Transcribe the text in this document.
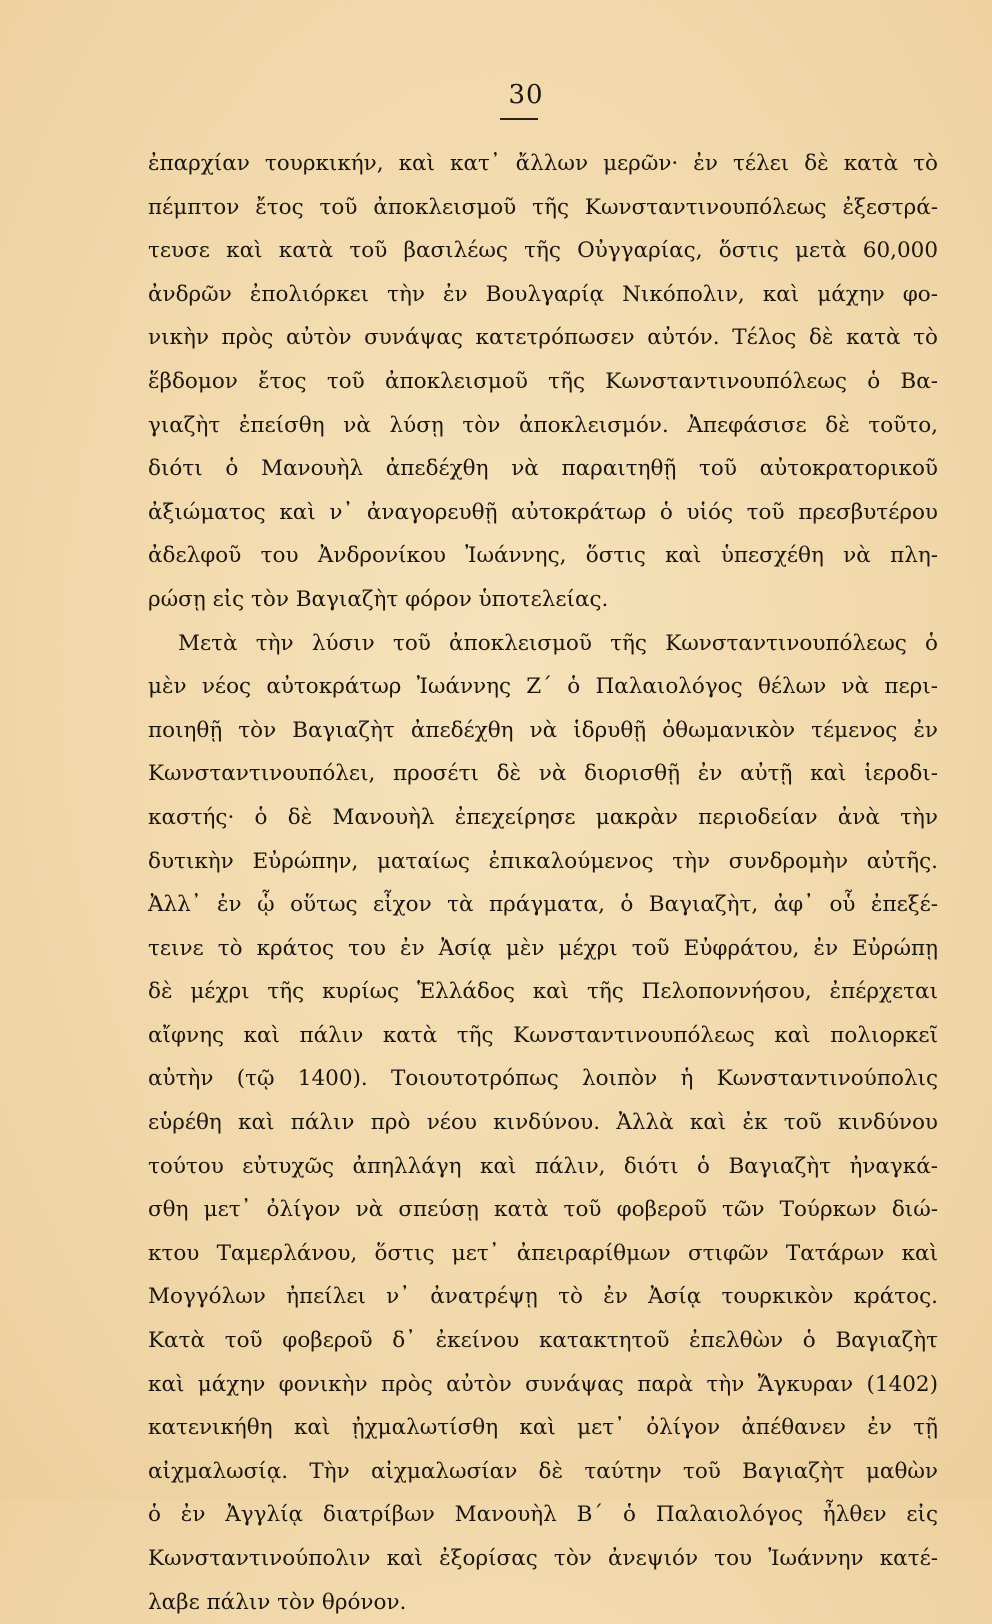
30
ἐπαρχίαν τουρκικήν, καὶ κατ᾽ ἄλλων μερῶν· ἐν τέλει δὲ κατὰ τὸ
πέμπτον ἔτος τοῦ ἀποκλεισμοῦ τῆς Κωνσταντινουπόλεως ἐξεστρά-
τευσε καὶ κατὰ τοῦ βασιλέως τῆς Οὐγγαρίας, ὅστις μετὰ 60,000
ἀνδρῶν ἐπολιόρκει τὴν ἐν Βουλγαρίᾳ Νικόπολιν, καὶ μάχην φο-
νικὴν πρὸς αὐτὸν συνάψας κατετρόπωσεν αὐτόν. Τέλος δὲ κατὰ τὸ
ἕβδομον ἔτος τοῦ ἀποκλεισμοῦ τῆς Κωνσταντινουπόλεως ὁ Βα-
γιαζὴτ ἐπείσθη νὰ λύσῃ τὸν ἀποκλεισμόν. Ἀπεφάσισε δὲ τοῦτο,
διότι ὁ Μανουὴλ ἀπεδέχθη νὰ παραιτηθῇ τοῦ αὐτοκρατορικοῦ
ἀξιώματος καὶ ν᾽ ἀναγορευθῇ αὐτοκράτωρ ὁ υἱός τοῦ πρεσβυτέρου
ἀδελφοῦ του Ἀνδρονίκου Ἰωάννης, ὅστις καὶ ὑπεσχέθη νὰ πλη-
ρώσῃ εἰς τὸν Βαγιαζὴτ φόρον ὑποτελείας.
Μετὰ τὴν λύσιν τοῦ ἀποκλεισμοῦ τῆς Κωνσταντινουπόλεως ὁ
μὲν νέος αὐτοκράτωρ Ἰωάννης Ζ΄ ὁ Παλαιολόγος θέλων νὰ περι-
ποιηθῇ τὸν Βαγιαζὴτ ἀπεδέχθη νὰ ἱδρυθῇ ὀθωμανικὸν τέμενος ἐν
Κωνσταντινουπόλει, προσέτι δὲ νὰ διορισθῇ ἐν αὐτῇ καὶ ἱεροδι-
καστής· ὁ δὲ Μανουὴλ ἐπεχείρησε μακρὰν περιοδείαν ἀνὰ τὴν
δυτικὴν Εὐρώπην, ματαίως ἐπικαλούμενος τὴν συνδρομὴν αὐτῆς.
Ἀλλ᾽ ἐν ᾧ οὕτως εἶχον τὰ πράγματα, ὁ Βαγιαζὴτ, ἀφ᾽ οὗ ἐπεξέ-
τεινε τὸ κράτος του ἐν Ἀσίᾳ μὲν μέχρι τοῦ Εὐφράτου, ἐν Εὐρώπῃ
δὲ μέχρι τῆς κυρίως Ἑλλάδος καὶ τῆς Πελοποννήσου, ἐπέρχεται
αἴφνης καὶ πάλιν κατὰ τῆς Κωνσταντινουπόλεως καὶ πολιορκεῖ
αὐτὴν (τῷ 1400). Τοιουτοτρόπως λοιπὸν ἡ Κωνσταντινούπολις
εὑρέθη καὶ πάλιν πρὸ νέου κινδύνου. Ἀλλὰ καὶ ἐκ τοῦ κινδύνου
τούτου εὐτυχῶς ἀπηλλάγη καὶ πάλιν, διότι ὁ Βαγιαζὴτ ἠναγκά-
σθη μετ᾽ ὀλίγον νὰ σπεύσῃ κατὰ τοῦ φοβεροῦ τῶν Τούρκων διώ-
κτου Ταμερλάνου, ὅστις μετ᾽ ἀπειραρίθμων στιφῶν Τατάρων καὶ
Μογγόλων ἠπείλει ν᾽ ἀνατρέψῃ τὸ ἐν Ἀσίᾳ τουρκικὸν κράτος.
Κατὰ τοῦ φοβεροῦ δ᾽ ἐκείνου κατακτητοῦ ἐπελθὼν ὁ Βαγιαζὴτ
καὶ μάχην φονικὴν πρὸς αὐτὸν συνάψας παρὰ τὴν Ἄγκυραν (1402)
κατενικήθη καὶ ᾐχμαλωτίσθη καὶ μετ᾽ ὀλίγον ἀπέθανεν ἐν τῇ
αἰχμαλωσίᾳ. Τὴν αἰχμαλωσίαν δὲ ταύτην τοῦ Βαγιαζὴτ μαθὼν
ὁ ἐν Ἀγγλίᾳ διατρίβων Μανουὴλ Β΄ ὁ Παλαιολόγος ἦλθεν εἰς
Κωνσταντινούπολιν καὶ ἐξορίσας τὸν ἀνεψιόν του Ἰωάννην κατέ-
λαβε πάλιν τὸν θρόνον.
